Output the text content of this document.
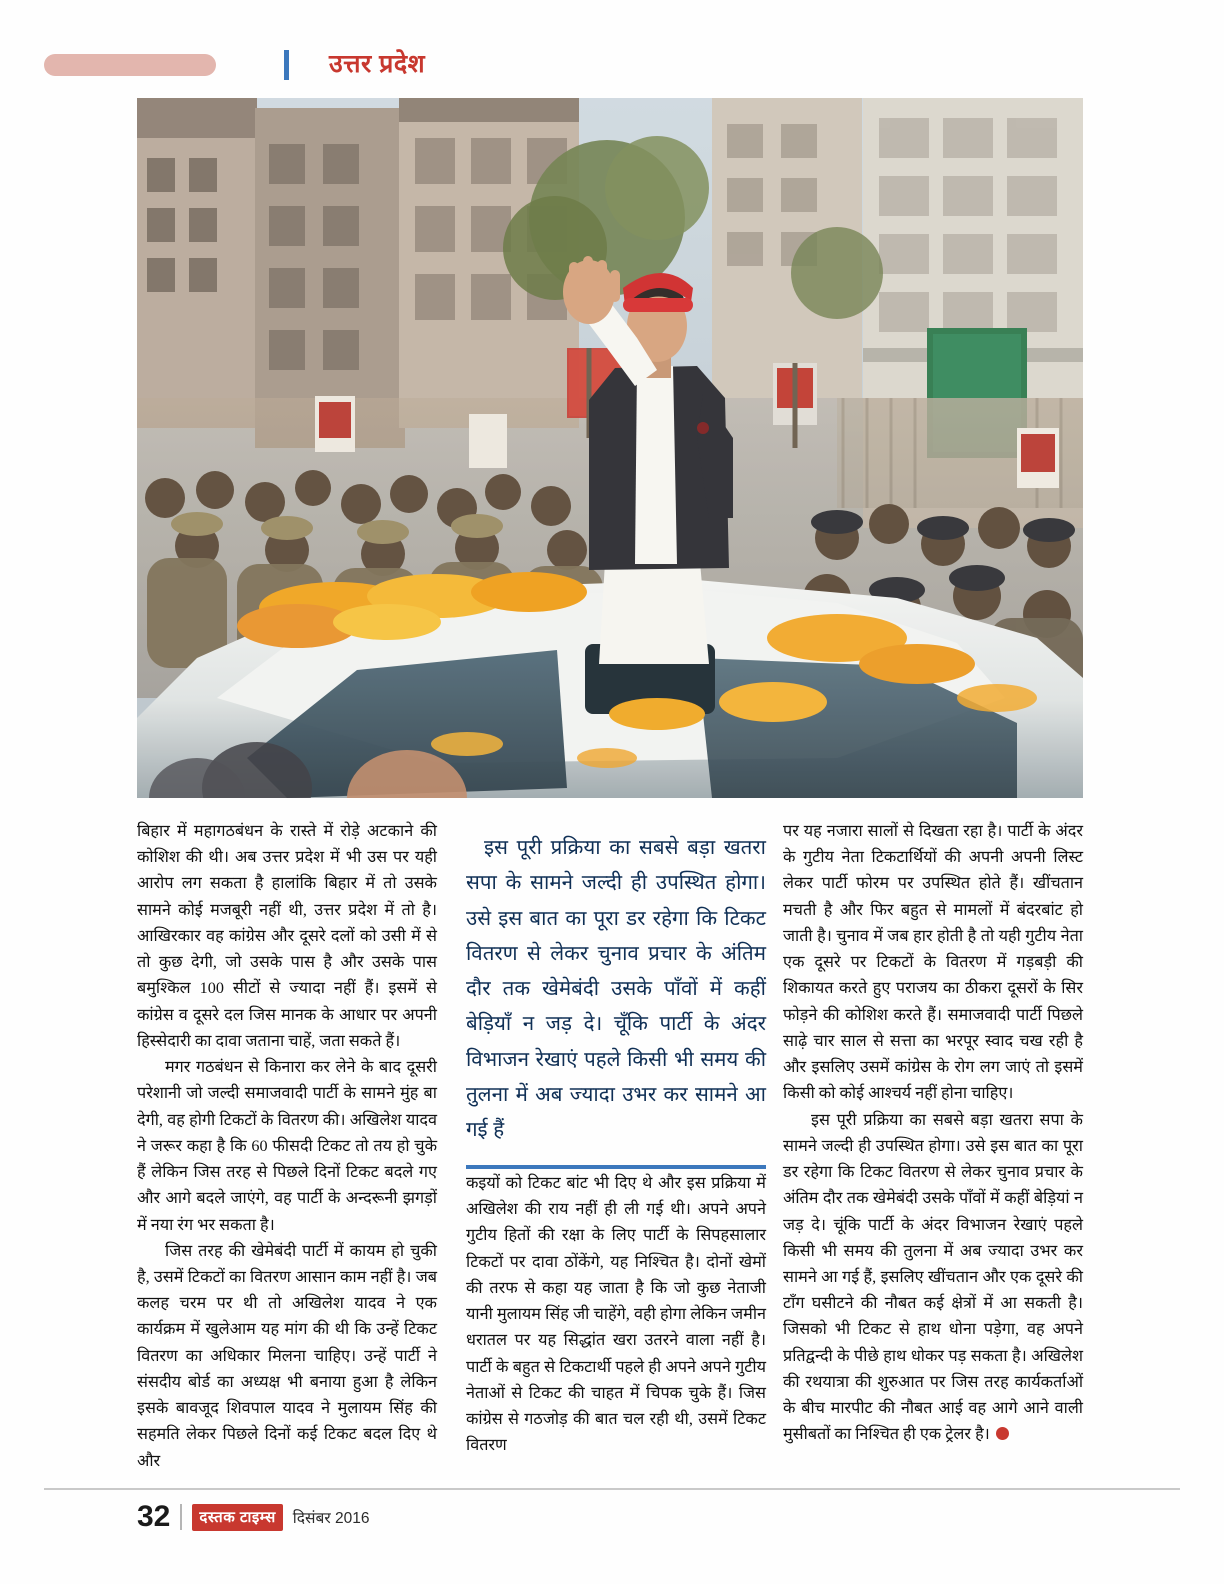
उत्तर प्रदेश

बिहार में महागठबंधन के रास्ते में रोड़े अटकाने की कोशिश की थी। अब उत्तर प्रदेश में भी उस पर यही आरोप लग सकता है हालांकि बिहार में तो उसके सामने कोई मजबूरी नहीं थी, उत्तर प्रदेश में तो है। आखिरकार वह कांग्रेस और दूसरे दलों को उसी में से तो कुछ देगी, जो उसके पास है और उसके पास बमुश्किल 100 सीटों से ज्यादा नहीं हैं। इसमें से कांग्रेस व दूसरे दल जिस मानक के आधार पर अपनी हिस्सेदारी का दावा जताना चाहें, जता सकते हैं।

मगर गठबंधन से किनारा कर लेने के बाद दूसरी परेशानी जो जल्दी समाजवादी पार्टी के सामने मुंह बा देगी, वह होगी टिकटों के वितरण की। अखिलेश यादव ने जरूर कहा है कि 60 फीसदी टिकट तो तय हो चुके हैं लेकिन जिस तरह से पिछले दिनों टिकट बदले गए और आगे बदले जाएंगे, वह पार्टी के अन्दरूनी झगड़ों में नया रंग भर सकता है।

जिस तरह की खेमेबंदी पार्टी में कायम हो चुकी है, उसमें टिकटों का वितरण आसान काम नहीं है। जब कलह चरम पर थी तो अखिलेश यादव ने एक कार्यक्रम में खुलेआम यह मांग की थी कि उन्हें टिकट वितरण का अधिकार मिलना चाहिए। उन्हें पार्टी ने संसदीय बोर्ड का अध्यक्ष भी बनाया हुआ है लेकिन इसके बावजूद शिवपाल यादव ने मुलायम सिंह की सहमति लेकर पिछले दिनों कई टिकट बदल दिए थे और

इस पूरी प्रक्रिया का सबसे बड़ा खतरा सपा के सामने जल्दी ही उपस्थित होगा। उसे इस बात का पूरा डर रहेगा कि टिकट वितरण से लेकर चुनाव प्रचार के अंतिम दौर तक खेमेबंदी उसके पॉंवों में कहीं बेड़ियॉं न जड़ दे। चूॅंकि पार्टी के अंदर विभाजन रेखाएं पहले किसी भी समय की तुलना में अब ज्यादा उभर कर सामने आ गई हैं

कइयों को टिकट बांट भी दिए थे और इस प्रक्रिया में अखिलेश की राय नहीं ही ली गई थी। अपने अपने गुटीय हितों की रक्षा के लिए पार्टी के सिपहसालार टिकटों पर दावा ठोंकेंगे, यह निश्चित है। दोनों खेमों की तरफ से कहा यह जाता है कि जो कुछ नेताजी यानी मुलायम सिंह जी चाहेंगे, वही होगा लेकिन जमीन धरातल पर यह सिद्धांत खरा उतरने वाला नहीं है। पार्टी के बहुत से टिकटार्थी पहले ही अपने अपने गुटीय नेताओं से टिकट की चाहत में चिपक चुके हैं। जिस कांग्रेस से गठजोड़ की बात चल रही थी, उसमें टिकट वितरण

पर यह नजारा सालों से दिखता रहा है। पार्टी के अंदर के गुटीय नेता टिकटार्थियों की अपनी अपनी लिस्ट लेकर पार्टी फोरम पर उपस्थित होते हैं। खींचतान मचती है और फिर बहुत से मामलों में बंदरबांट हो जाती है। चुनाव में जब हार होती है तो यही गुटीय नेता एक दूसरे पर टिकटों के वितरण में गड़बड़ी की शिकायत करते हुए पराजय का ठीकरा दूसरों के सिर फोड़ने की कोशिश करते हैं। समाजवादी पार्टी पिछले साढ़े चार साल से सत्ता का भरपूर स्वाद चख रही है और इसलिए उसमें कांग्रेस के रोग लग जाएं तो इसमें किसी को कोई आश्चर्य नहीं होना चाहिए।

इस पूरी प्रक्रिया का सबसे बड़ा खतरा सपा के सामने जल्दी ही उपस्थित होगा। उसे इस बात का पूरा डर रहेगा कि टिकट वितरण से लेकर चुनाव प्रचार के अंतिम दौर तक खेमेबंदी उसके पॉंवों में कहीं बेड़ियां न जड़ दे। चूंकि पार्टी के अंदर विभाजन रेखाएं पहले किसी भी समय की तुलना में अब ज्यादा उभर कर सामने आ गई हैं, इसलिए खींचतान और एक दूसरे की टॉंग घसीटने की नौबत कई क्षेत्रों में आ सकती है। जिसको भी टिकट से हाथ धोना पड़ेगा, वह अपने प्रतिद्वन्दी के पीछे हाथ धोकर पड़ सकता है। अखिलेश की रथयात्रा की शुरुआत पर जिस तरह कार्यकर्ताओं के बीच मारपीट की नौबत आई वह आगे आने वाली मुसीबतों का निश्चित ही एक ट्रेलर है।

32	दस्तक टाइम्स	दिसंबर 2016
